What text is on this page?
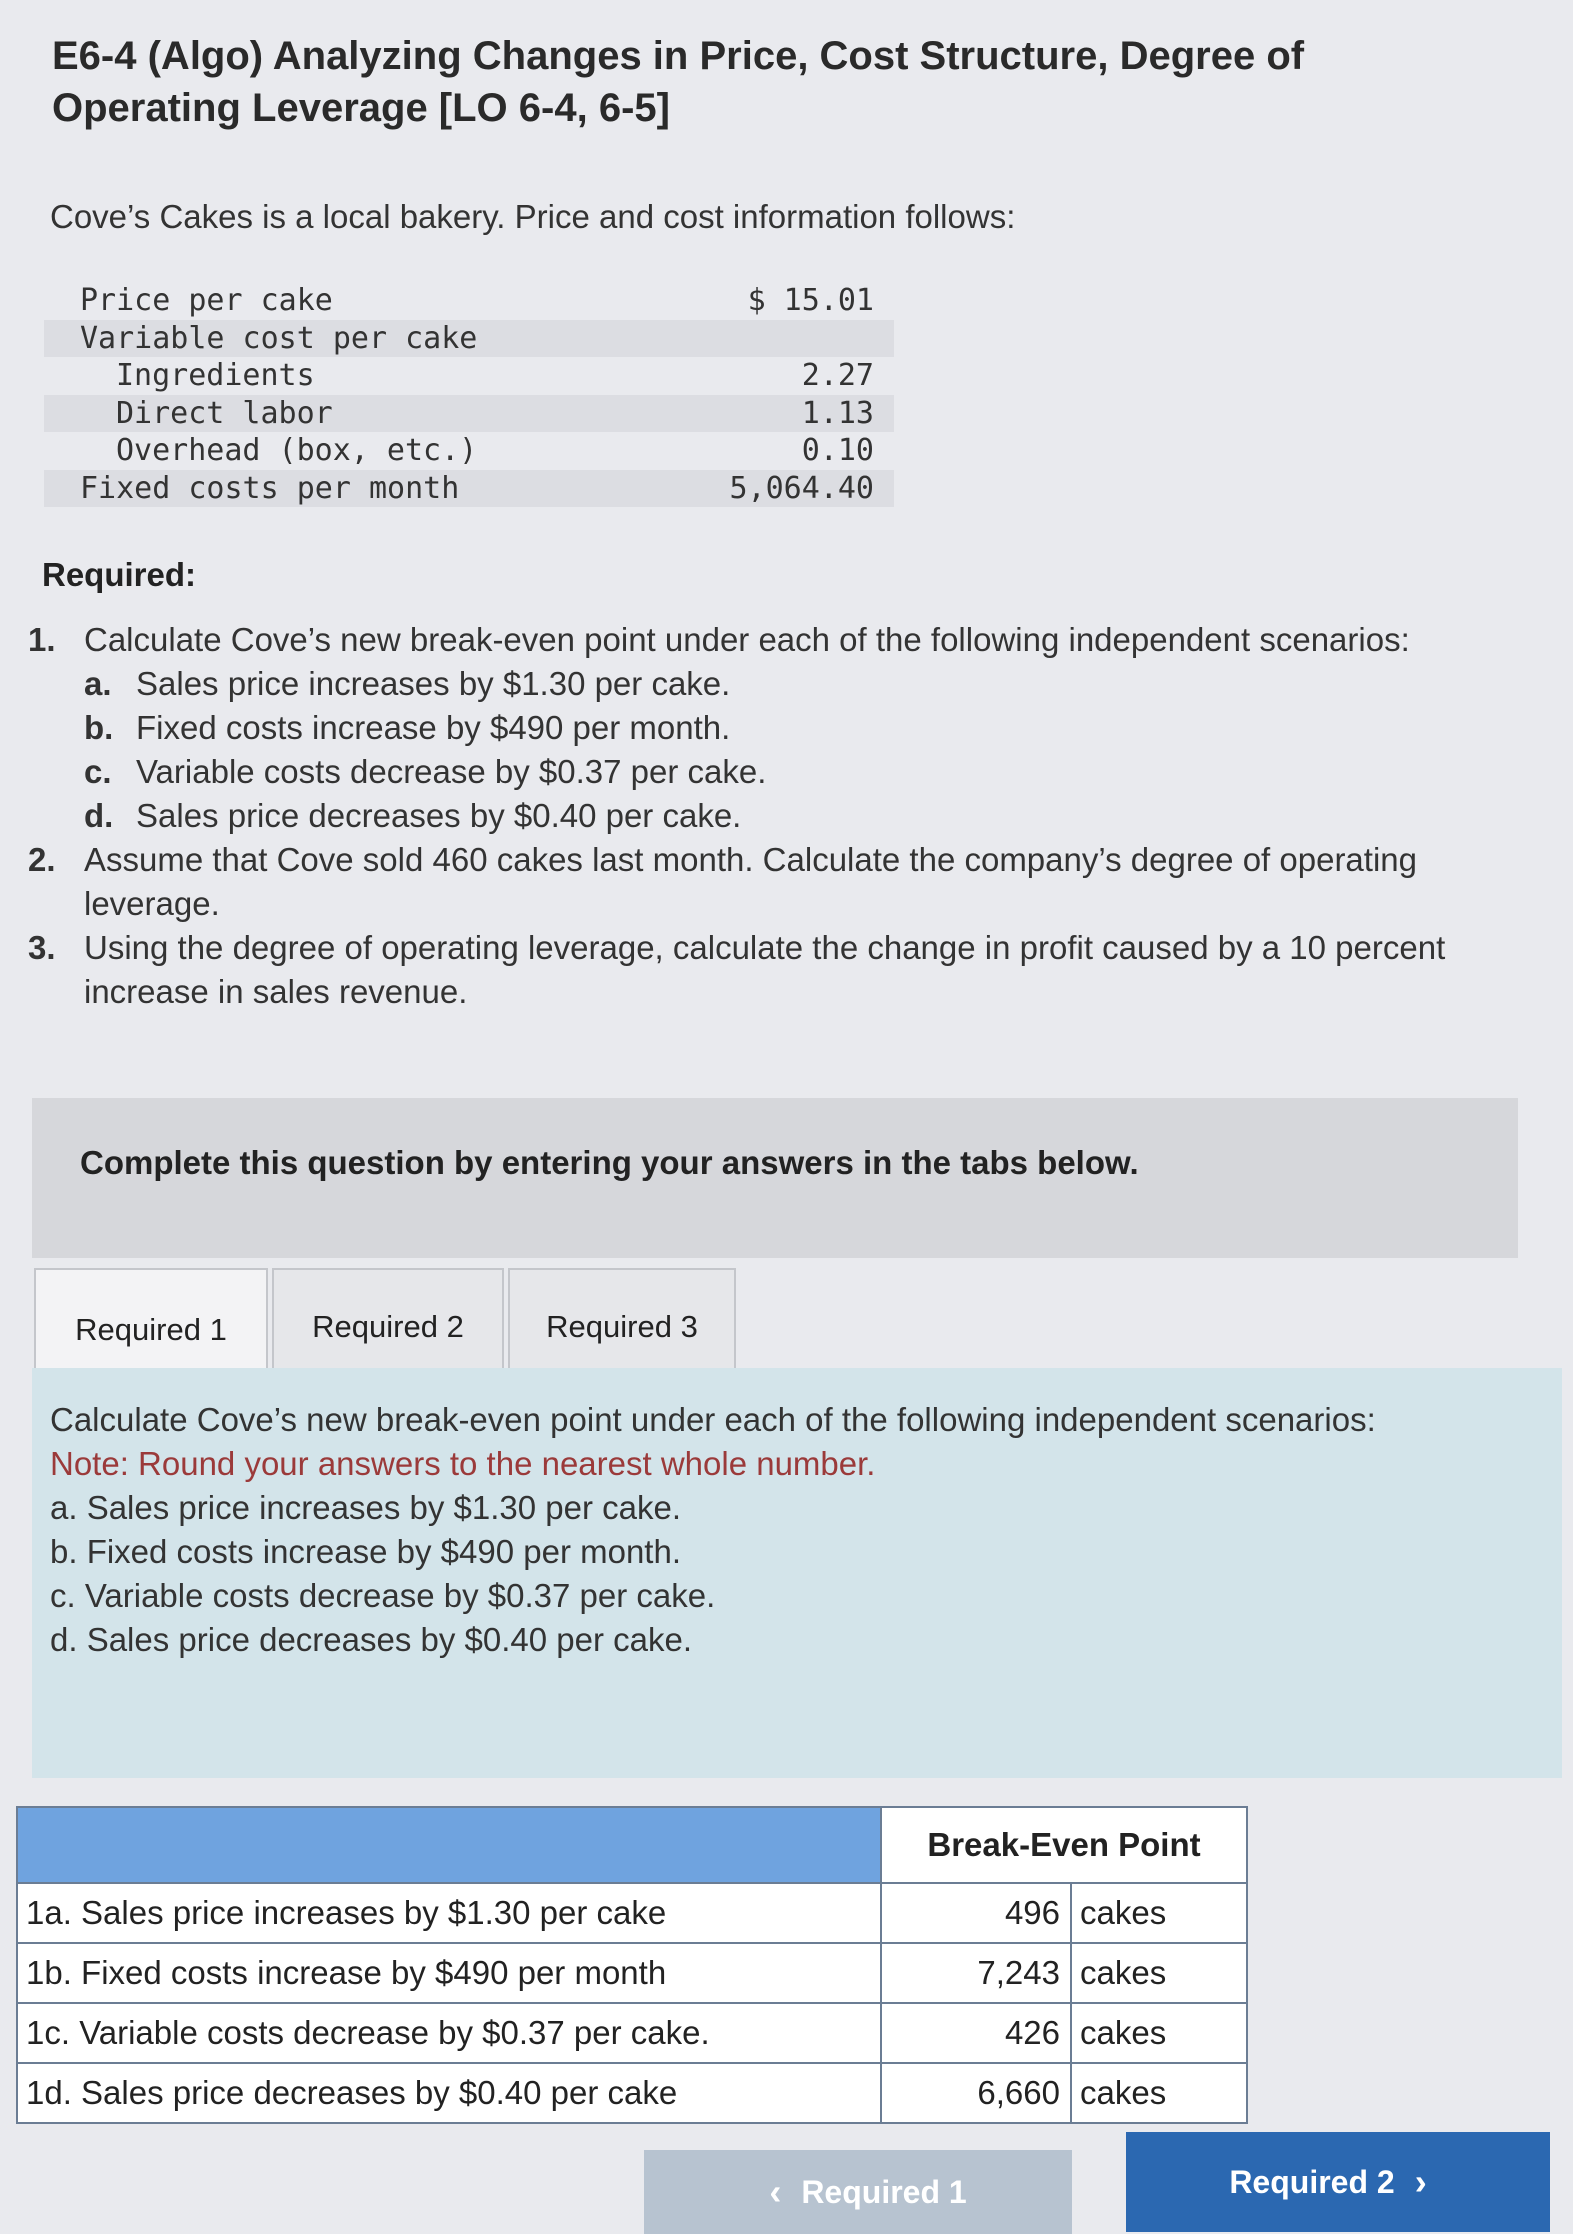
E6-4 (Algo) Analyzing Changes in Price, Cost Structure, Degree of Operating Leverage [LO 6-4, 6-5]
Cove’s Cakes is a local bakery. Price and cost information follows:
Price per cake	$ 15.01
Variable cost per cake
Ingredients	2.27
Direct labor	1.13
Overhead (box, etc.)	0.10
Fixed costs per month	5,064.40
Required:
1. Calculate Cove’s new break-even point under each of the following independent scenarios:
a. Sales price increases by $1.30 per cake.
b. Fixed costs increase by $490 per month.
c. Variable costs decrease by $0.37 per cake.
d. Sales price decreases by $0.40 per cake.
2. Assume that Cove sold 460 cakes last month. Calculate the company’s degree of operating leverage.
3. Using the degree of operating leverage, calculate the change in profit caused by a 10 percent increase in sales revenue.
Complete this question by entering your answers in the tabs below.
Required 1	Required 2	Required 3
Calculate Cove’s new break-even point under each of the following independent scenarios:
Note: Round your answers to the nearest whole number.
a. Sales price increases by $1.30 per cake.
b. Fixed costs increase by $490 per month.
c. Variable costs decrease by $0.37 per cake.
d. Sales price decreases by $0.40 per cake.
	Break-Even Point	
1a. Sales price increases by $1.30 per cake	496	cakes
1b. Fixed costs increase by $490 per month	7,243	cakes
1c. Variable costs decrease by $0.37 per cake.	426	cakes
1d. Sales price decreases by $0.40 per cake	6,660	cakes
‹ Required 1	Required 2 ›
